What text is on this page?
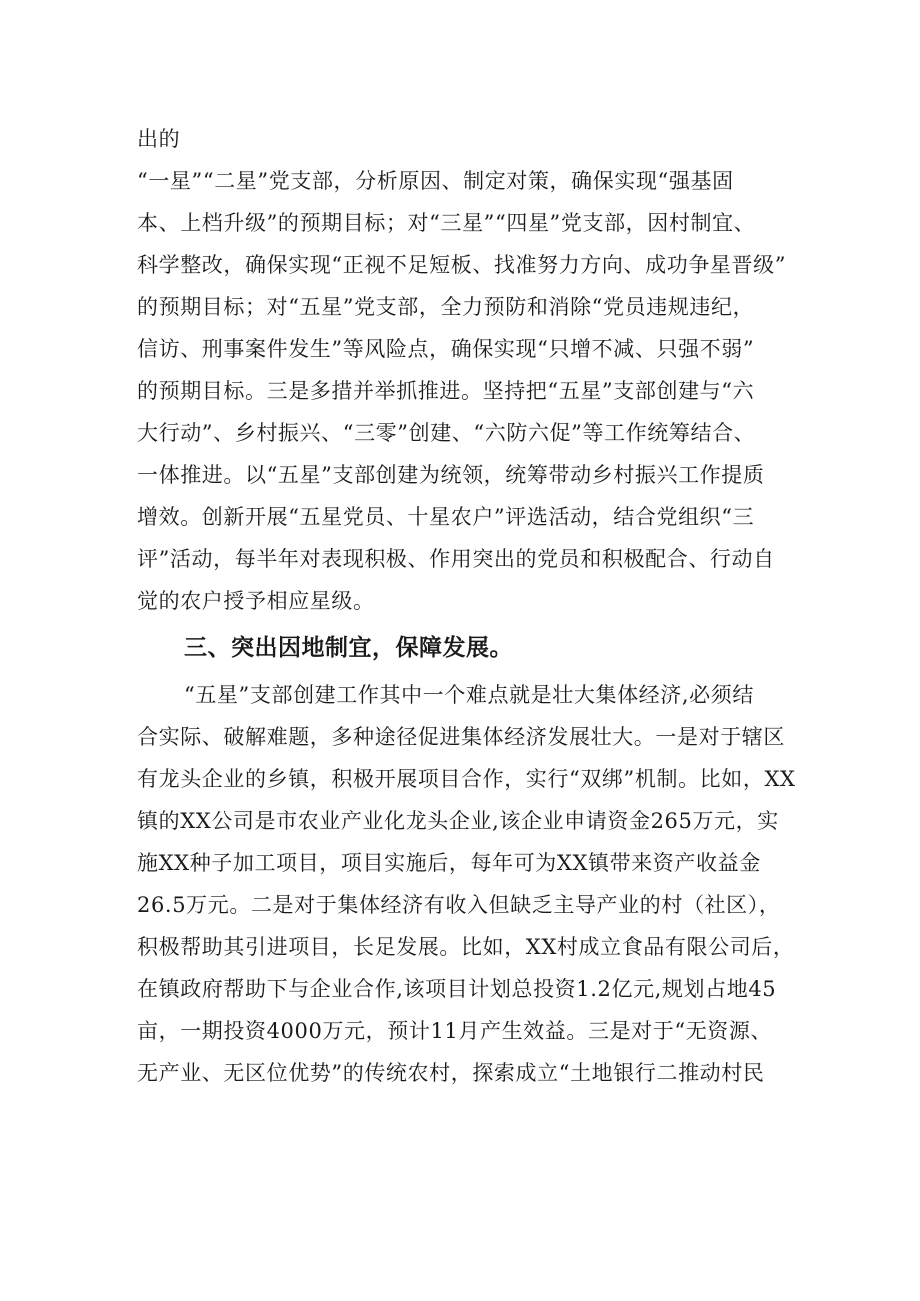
出的
“一星”“二星”党支部，分析原因、制定对策，确保实现“强基固
本、上档升级”的预期目标；对“三星”“四星”党支部，因村制宜、
科学整改，确保实现“正视不足短板、找准努力方向、成功争星晋级”
的预期目标；对“五星”党支部，全力预防和消除“党员违规违纪，
信访、刑事案件发生”等风险点，确保实现“只增不减、只强不弱”
的预期目标。三是多措并举抓推进。坚持把“五星”支部创建与“六
大行动”、乡村振兴、“三零”创建、“六防六促”等工作统筹结合、
一体推进。以“五星”支部创建为统领，统筹带动乡村振兴工作提质
增效。创新开展“五星党员、十星农户”评选活动，结合党组织“三
评”活动，每半年对表现积极、作用突出的党员和积极配合、行动自
觉的农户授予相应星级。
三、突出因地制宜，保障发展。
“五星”支部创建工作其中一个难点就是壮大集体经济,必须结
合实际、破解难题，多种途径促进集体经济发展壮大。一是对于辖区
有龙头企业的乡镇，积极开展项目合作，实行“双绑”机制。比如，XX
镇的XX公司是市农业产业化龙头企业,该企业申请资金265万元，实
施XX种子加工项目，项目实施后，每年可为XX镇带来资产收益金
26.5万元。二是对于集体经济有收入但缺乏主导产业的村（社区），
积极帮助其引进项目，长足发展。比如，XX村成立食品有限公司后，
在镇政府帮助下与企业合作,该项目计划总投资1.2亿元,规划占地45
亩，一期投资4000万元，预计11月产生效益。三是对于“无资源、
无产业、无区位优势”的传统农村，探索成立“土地银行二推动村民
